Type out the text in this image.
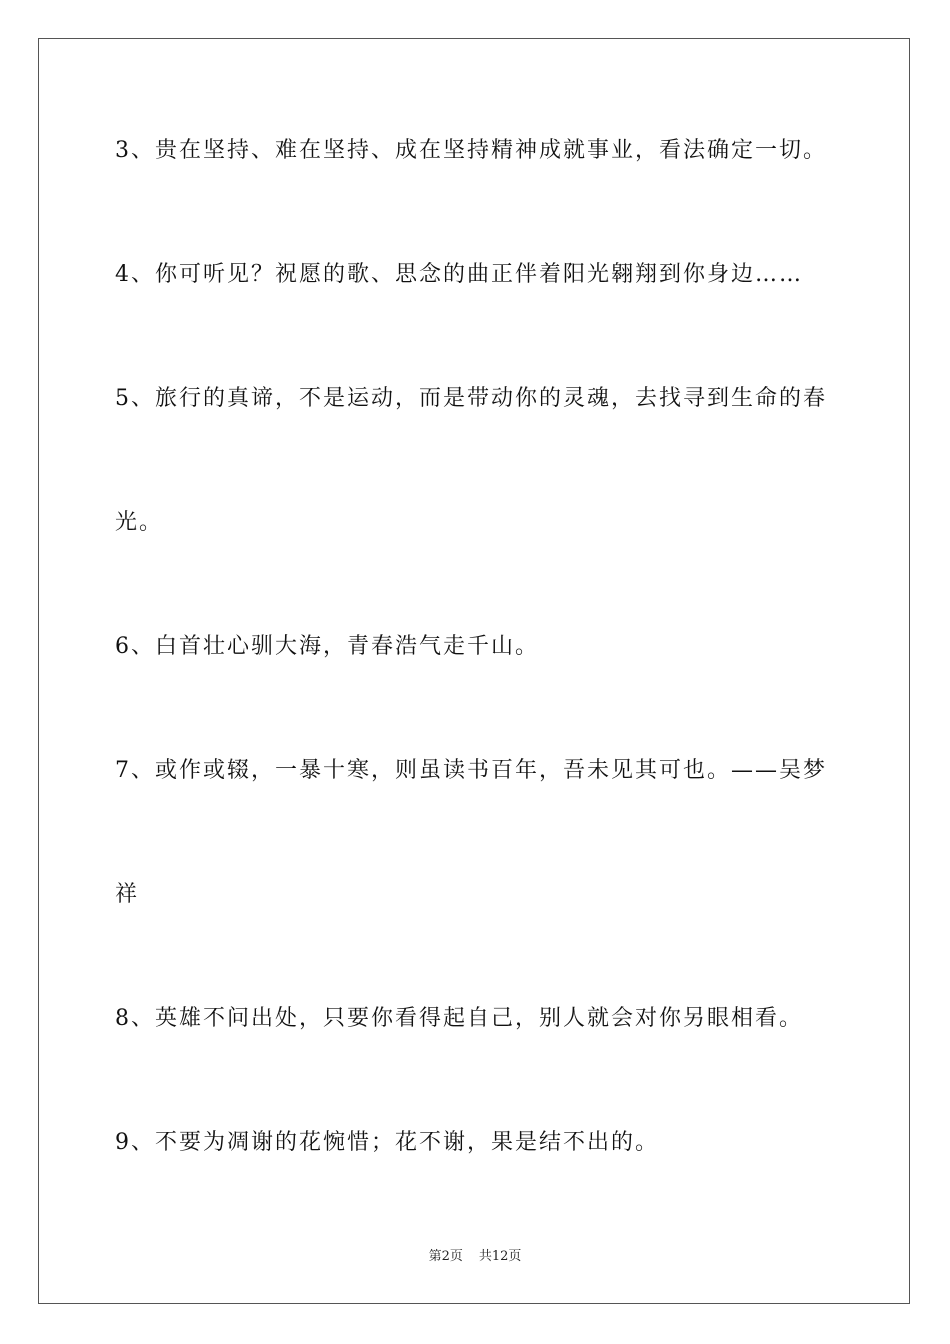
3、贵在坚持、难在坚持、成在坚持精神成就事业，看法确定一切。

4、你可听见？祝愿的歌、思念的曲正伴着阳光翱翔到你身边……

5、旅行的真谛，不是运动，而是带动你的灵魂，去找寻到生命的春

光。

6、白首壮心驯大海，青春浩气走千山。

7、或作或辍，一暴十寒，则虽读书百年，吾未见其可也。——吴梦

祥

8、英雄不问出处，只要你看得起自己，别人就会对你另眼相看。

9、不要为凋谢的花惋惜；花不谢，果是结不出的。

第2页 共12页
